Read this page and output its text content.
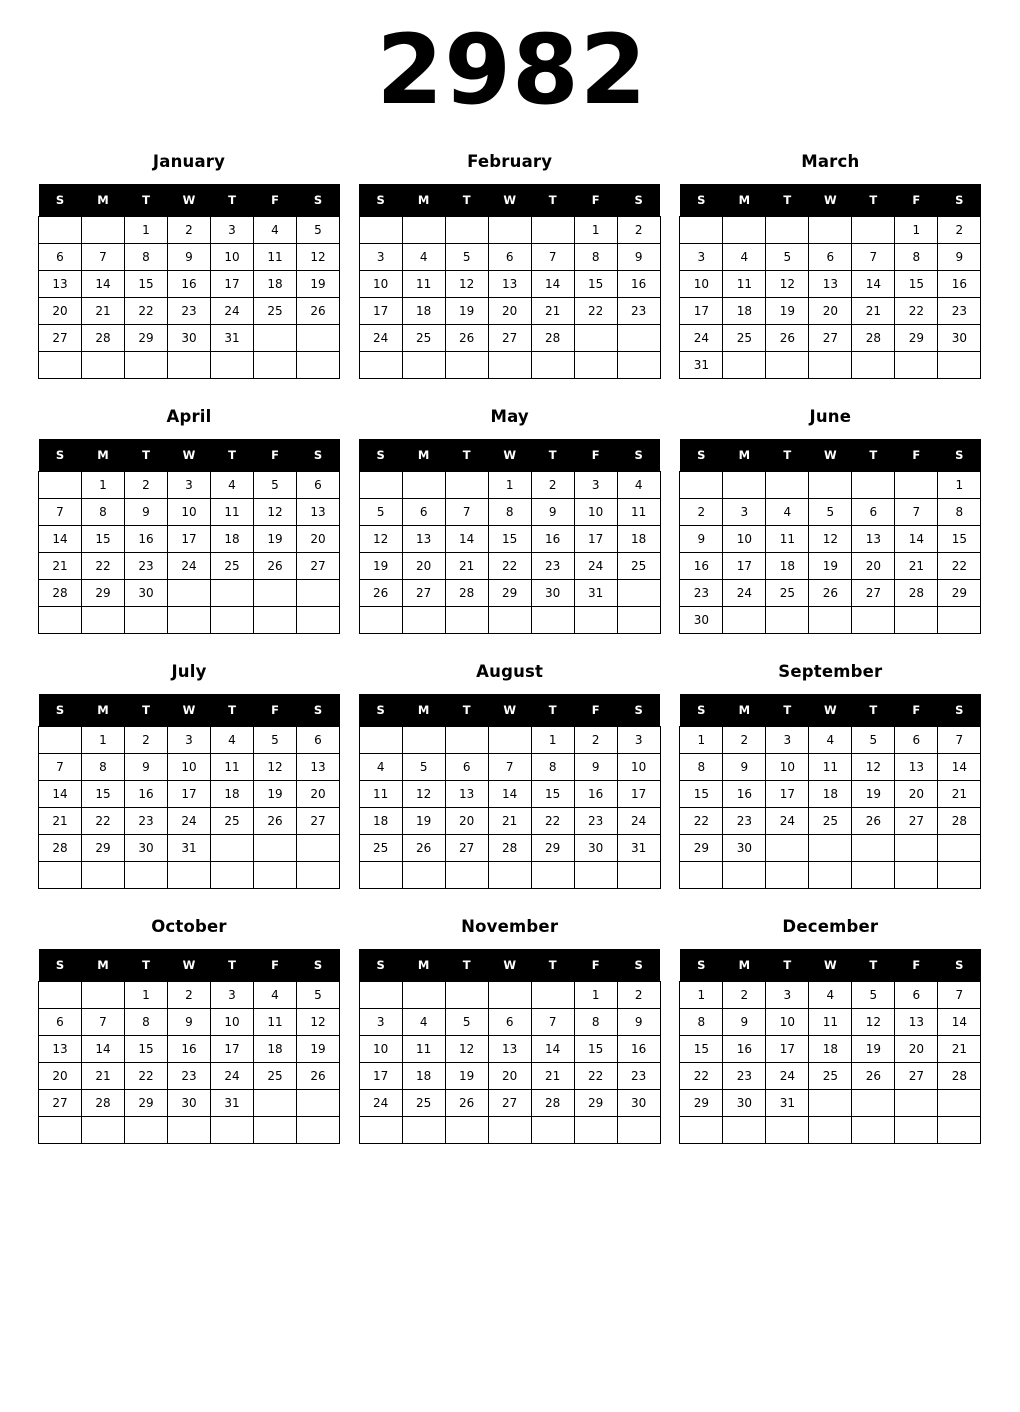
2982
January
S	M	T	W	T	F	S
		1	2	3	4	5
6	7	8	9	10	11	12
13	14	15	16	17	18	19
20	21	22	23	24	25	26
27	28	29	30	31		

February
S	M	T	W	T	F	S
					1	2
3	4	5	6	7	8	9
10	11	12	13	14	15	16
17	18	19	20	21	22	23
24	25	26	27	28		

March
S	M	T	W	T	F	S
					1	2
3	4	5	6	7	8	9
10	11	12	13	14	15	16
17	18	19	20	21	22	23
24	25	26	27	28	29	30
31						
April
S	M	T	W	T	F	S
	1	2	3	4	5	6
7	8	9	10	11	12	13
14	15	16	17	18	19	20
21	22	23	24	25	26	27
28	29	30				

May
S	M	T	W	T	F	S
			1	2	3	4
5	6	7	8	9	10	11
12	13	14	15	16	17	18
19	20	21	22	23	24	25
26	27	28	29	30	31	

June
S	M	T	W	T	F	S
						1
2	3	4	5	6	7	8
9	10	11	12	13	14	15
16	17	18	19	20	21	22
23	24	25	26	27	28	29
30						
July
S	M	T	W	T	F	S
	1	2	3	4	5	6
7	8	9	10	11	12	13
14	15	16	17	18	19	20
21	22	23	24	25	26	27
28	29	30	31			

August
S	M	T	W	T	F	S
				1	2	3
4	5	6	7	8	9	10
11	12	13	14	15	16	17
18	19	20	21	22	23	24
25	26	27	28	29	30	31

September
S	M	T	W	T	F	S
1	2	3	4	5	6	7
8	9	10	11	12	13	14
15	16	17	18	19	20	21
22	23	24	25	26	27	28
29	30					

October
S	M	T	W	T	F	S
		1	2	3	4	5
6	7	8	9	10	11	12
13	14	15	16	17	18	19
20	21	22	23	24	25	26
27	28	29	30	31		

November
S	M	T	W	T	F	S
					1	2
3	4	5	6	7	8	9
10	11	12	13	14	15	16
17	18	19	20	21	22	23
24	25	26	27	28	29	30

December
S	M	T	W	T	F	S
1	2	3	4	5	6	7
8	9	10	11	12	13	14
15	16	17	18	19	20	21
22	23	24	25	26	27	28
29	30	31				
